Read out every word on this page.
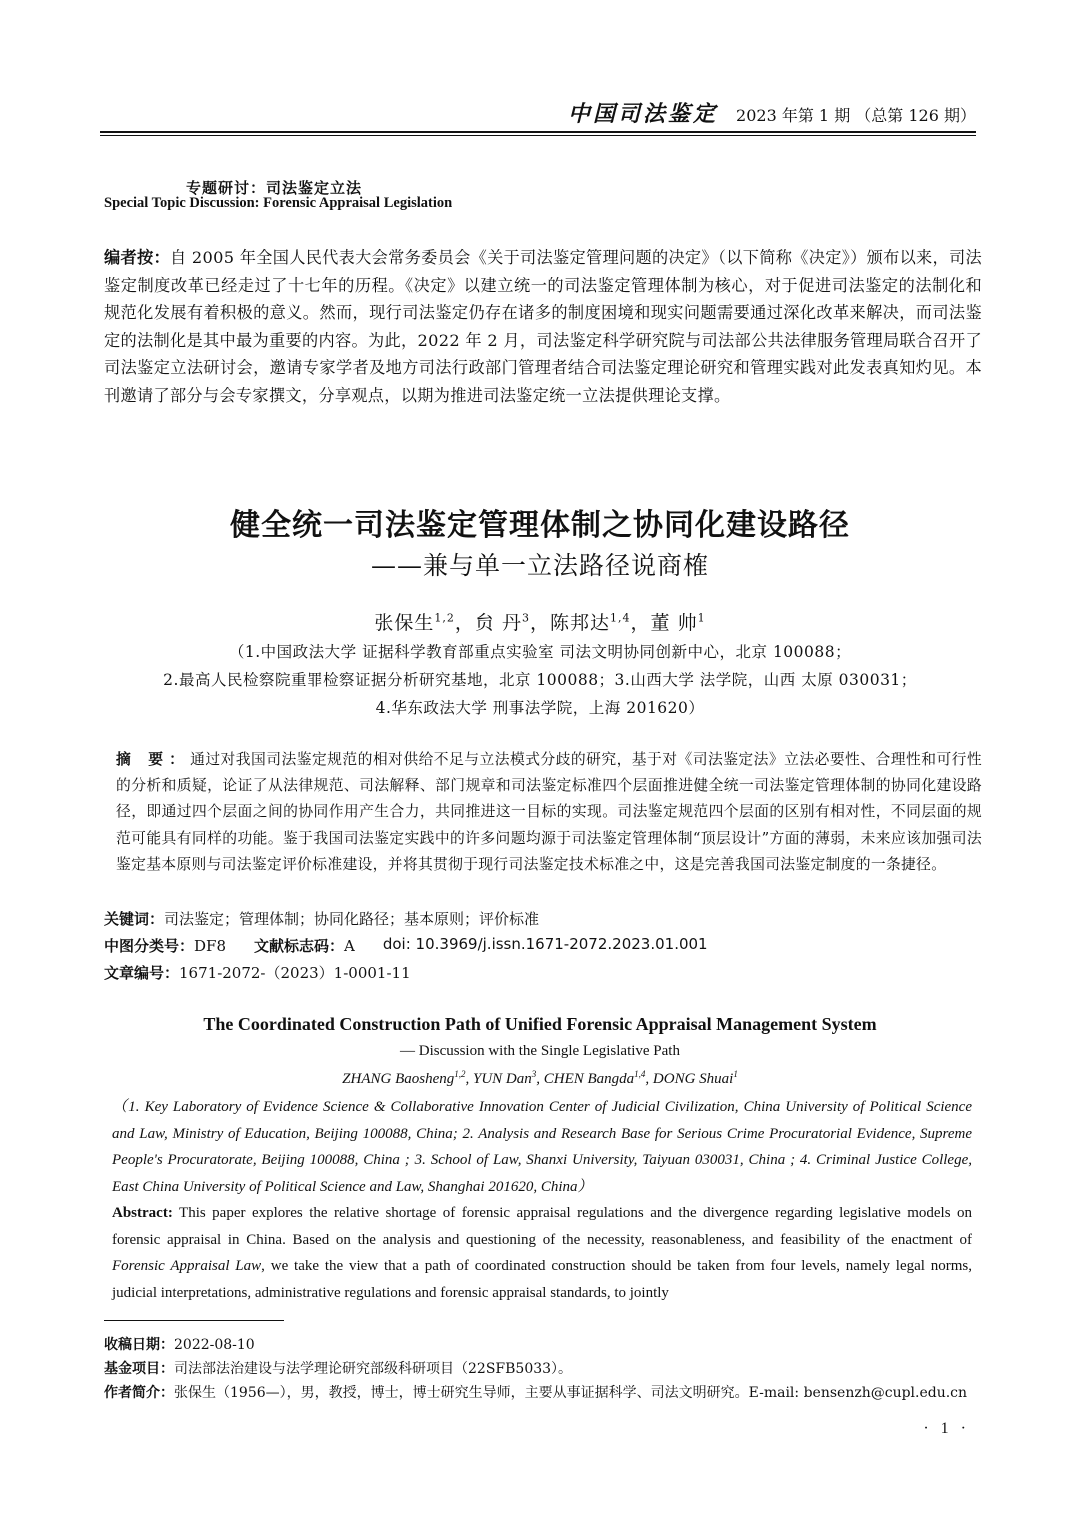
中国司法鉴定 2023 年第 1 期 （总第 126 期）
专题研讨：司法鉴定立法
Special Topic Discussion: Forensic Appraisal Legislation
编者按：自 2005 年全国人民代表大会常务委员会《关于司法鉴定管理问题的决定》（以下简称《决定》）颁布以来，司法鉴定制度改革已经走过了十七年的历程。《决定》以建立统一的司法鉴定管理体制为核心，对于促进司法鉴定的法制化和规范化发展有着积极的意义。然而，现行司法鉴定仍存在诸多的制度困境和现实问题需要通过深化改革来解决，而司法鉴定的法制化是其中最为重要的内容。为此，2022 年 2 月，司法鉴定科学研究院与司法部公共法律服务管理局联合召开了司法鉴定立法研讨会，邀请专家学者及地方司法行政部门管理者结合司法鉴定理论研究和管理实践对此发表真知灼见。本刊邀请了部分与会专家撰文，分享观点，以期为推进司法鉴定统一立法提供理论支撑。
健全统一司法鉴定管理体制之协同化建设路径
——兼与单一立法路径说商榷
张保生$^{1,2}$，贠 丹$^3$，陈邦达$^{1,4}$，董 帅$^1$
（1.中国政法大学 证据科学教育部重点实验室 司法文明协同创新中心，北京 100088；
2.最高人民检察院重罪检察证据分析研究基地，北京 100088；3.山西大学 法学院，山西 太原 030031；
4.华东政法大学 刑事法学院，上海 201620）
摘 要：通过对我国司法鉴定规范的相对供给不足与立法模式分歧的研究，基于对《司法鉴定法》立法必要性、合理性和可行性的分析和质疑，论证了从法律规范、司法解释、部门规章和司法鉴定标准四个层面推进健全统一司法鉴定管理体制的协同化建设路径，即通过四个层面之间的协同作用产生合力，共同推进这一目标的实现。司法鉴定规范四个层面的区别有相对性，不同层面的规范可能具有同样的功能。鉴于我国司法鉴定实践中的许多问题均源于司法鉴定管理体制“顶层设计”方面的薄弱，未来应该加强司法鉴定基本原则与司法鉴定评价标准建设，并将其贯彻于现行司法鉴定技术标准之中，这是完善我国司法鉴定制度的一条捷径。
关键词：司法鉴定；管理体制；协同化路径；基本原则；评价标准
中图分类号：DF8 文献标志码：A doi: 10.3969/j.issn.1671-2072.2023.01.001
文章编号：1671-2072-（2023）1-0001-11
The Coordinated Construction Path of Unified Forensic Appraisal Management System
— Discussion with the Single Legislative Path
ZHANG Baosheng$^{1,2}$, YUN Dan$^3$, CHEN Bangda$^{1,4}$, DONG Shuai$^1$
（1. Key Laboratory of Evidence Science & Collaborative Innovation Center of Judicial Civilization, China University of Political Science and Law, Ministry of Education, Beijing 100088, China; 2. Analysis and Research Base for Serious Crime Procuratorial Evidence, Supreme People's Procuratorate, Beijing 100088, China ; 3. School of Law, Shanxi University, Taiyuan 030031, China ; 4. Criminal Justice College, East China University of Political Science and Law, Shanghai 201620, China）
Abstract: This paper explores the relative shortage of forensic appraisal regulations and the divergence regarding legislative models on forensic appraisal in China. Based on the analysis and questioning of the necessity, reasonableness, and feasibility of the enactment of Forensic Appraisal Law, we take the view that a path of coordinated construction should be taken from four levels, namely legal norms, judicial interpretations, administrative regulations and forensic appraisal standards, to jointly
收稿日期：2022-08-10
基金项目：司法部法治建设与法学理论研究部级科研项目（22SFB5033）。
作者简介：张保生（1956—），男，教授，博士，博士研究生导师，主要从事证据科学、司法文明研究。E-mail: bensenzh@cupl.edu.cn
· 1 ·
